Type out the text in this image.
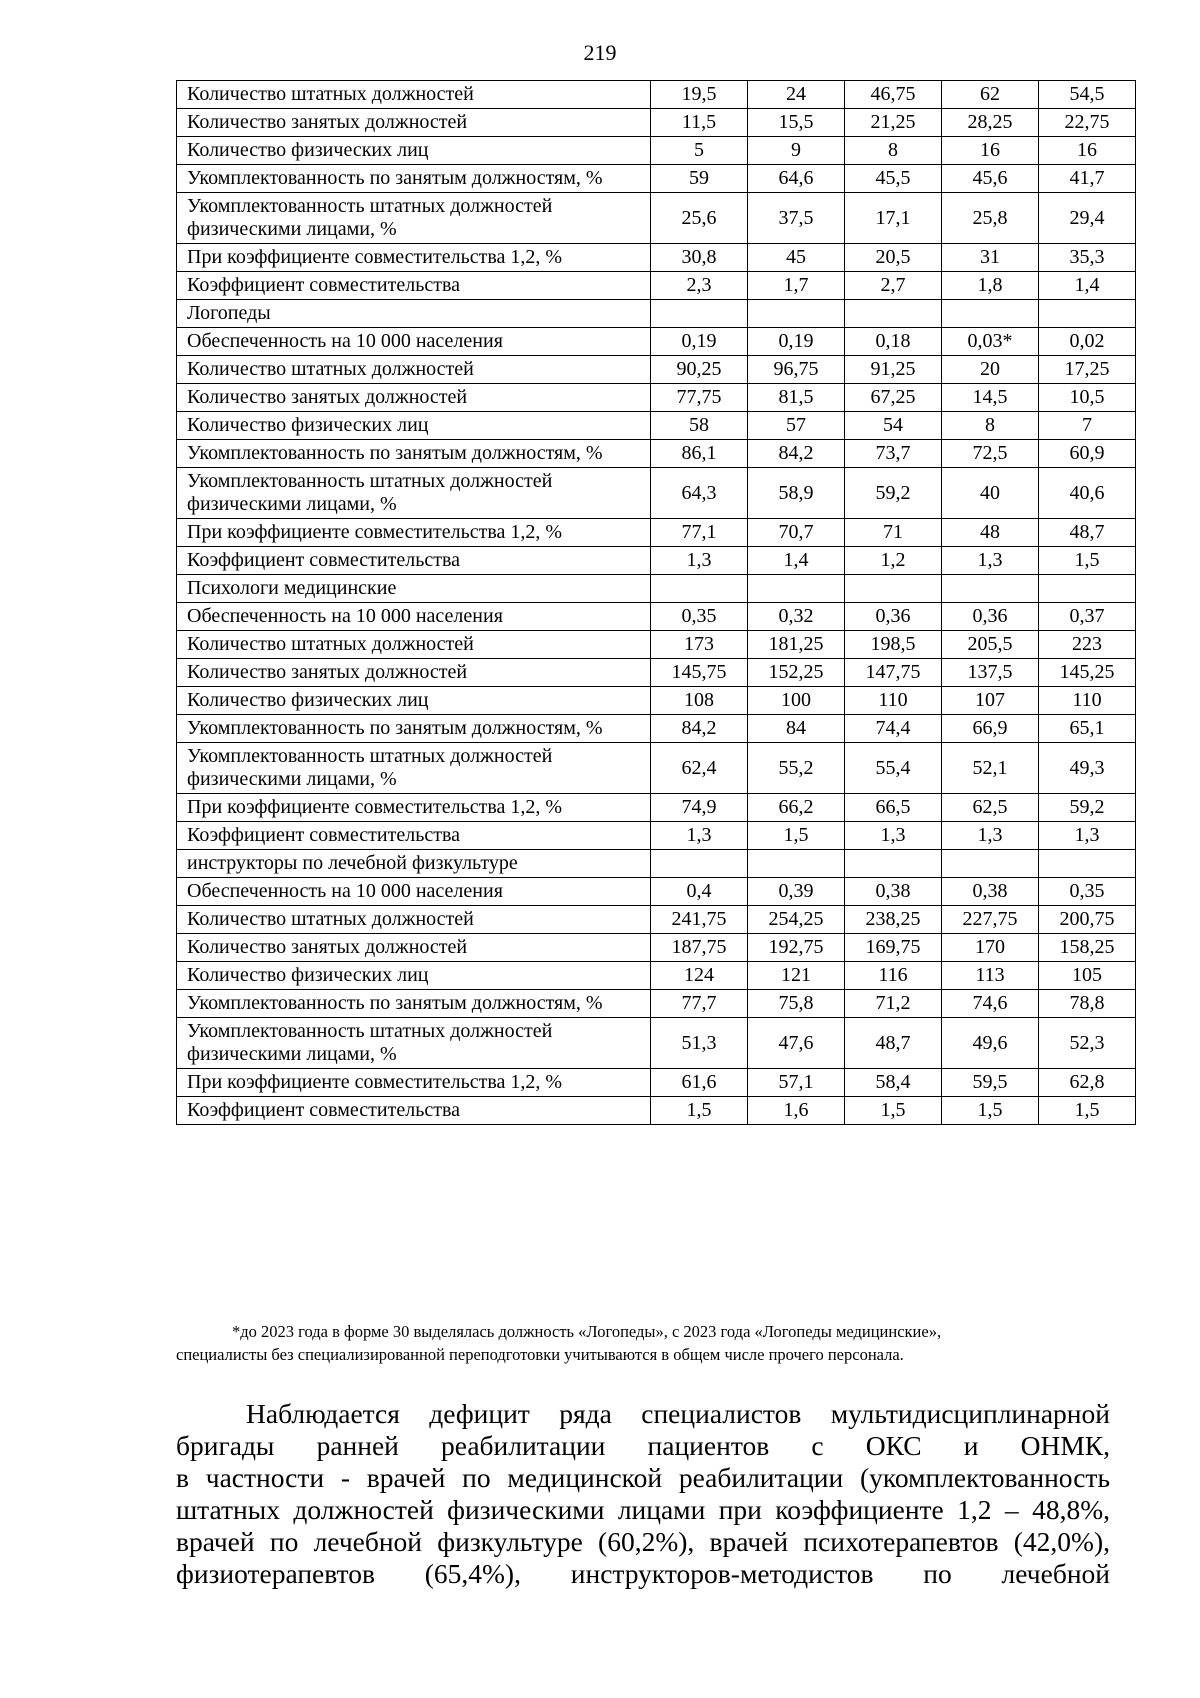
219
Количество штатных должностей	19,5	24	46,75	62	54,5
Количество занятых должностей	11,5	15,5	21,25	28,25	22,75
Количество физических лиц	5	9	8	16	16
Укомплектованность по занятым должностям, %	59	64,6	45,5	45,6	41,7
Укомплектованность штатных должностей физическими лицами, %	25,6	37,5	17,1	25,8	29,4
При коэффициенте совместительства 1,2, %	30,8	45	20,5	31	35,3
Коэффициент совместительства	2,3	1,7	2,7	1,8	1,4
Логопеды					
Обеспеченность на 10 000 населения	0,19	0,19	0,18	0,03*	0,02
Количество штатных должностей	90,25	96,75	91,25	20	17,25
Количество занятых должностей	77,75	81,5	67,25	14,5	10,5
Количество физических лиц	58	57	54	8	7
Укомплектованность по занятым должностям, %	86,1	84,2	73,7	72,5	60,9
Укомплектованность штатных должностей физическими лицами, %	64,3	58,9	59,2	40	40,6
При коэффициенте совместительства 1,2, %	77,1	70,7	71	48	48,7
Коэффициент совместительства	1,3	1,4	1,2	1,3	1,5
Психологи медицинские					
Обеспеченность на 10 000 населения	0,35	0,32	0,36	0,36	0,37
Количество штатных должностей	173	181,25	198,5	205,5	223
Количество занятых должностей	145,75	152,25	147,75	137,5	145,25
Количество физических лиц	108	100	110	107	110
Укомплектованность по занятым должностям, %	84,2	84	74,4	66,9	65,1
Укомплектованность штатных должностей физическими лицами, %	62,4	55,2	55,4	52,1	49,3
При коэффициенте совместительства 1,2, %	74,9	66,2	66,5	62,5	59,2
Коэффициент совместительства	1,3	1,5	1,3	1,3	1,3
инструкторы по лечебной физкультуре					
Обеспеченность на 10 000 населения	0,4	0,39	0,38	0,38	0,35
Количество штатных должностей	241,75	254,25	238,25	227,75	200,75
Количество занятых должностей	187,75	192,75	169,75	170	158,25
Количество физических лиц	124	121	116	113	105
Укомплектованность по занятым должностям, %	77,7	75,8	71,2	74,6	78,8
Укомплектованность штатных должностей физическими лицами, %	51,3	47,6	48,7	49,6	52,3
При коэффициенте совместительства 1,2, %	61,6	57,1	58,4	59,5	62,8
Коэффициент совместительства	1,5	1,6	1,5	1,5	1,5
*до 2023 года в форме 30 выделялась должность «Логопеды», с 2023 года «Логопеды медицинские»,
специалисты без специализированной переподготовки учитываются в общем числе прочего персонала.
Наблюдается дефицит ряда специалистов мультидисциплинарной
бригады ранней реабилитации пациентов с ОКС и ОНМК,
в частности - врачей по медицинской реабилитации (укомплектованность
штатных должностей физическими лицами при коэффициенте 1,2 – 48,8%,
врачей по лечебной физкультуре (60,2%), врачей психотерапевтов (42,0%),
физиотерапевтов (65,4%), инструкторов-методистов по лечебной
